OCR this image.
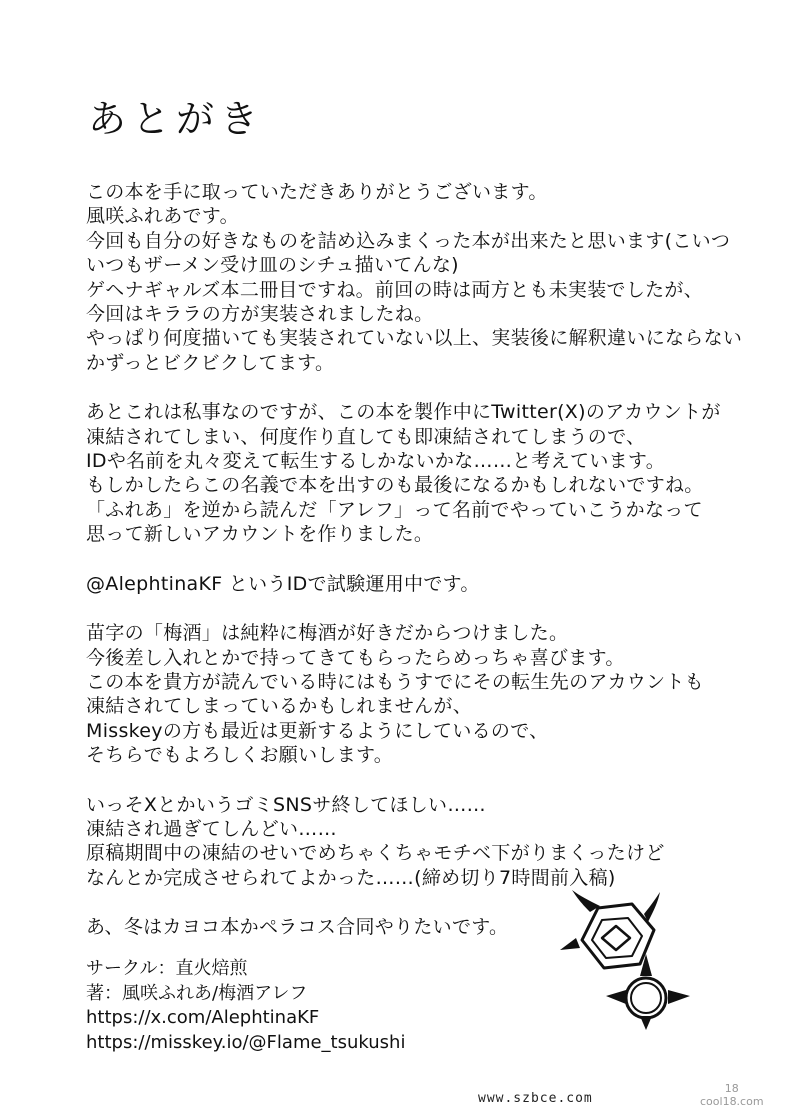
あとがき
この本を手に取っていただきありがとうございます。
風咲ふれあです。
今回も自分の好きなものを詰め込みまくった本が出来たと思います(こいつ
いつもザーメン受け皿のシチュ描いてんな)
ゲヘナギャルズ本二冊目ですね。前回の時は両方とも未実装でしたが、
今回はキララの方が実装されましたね。
やっぱり何度描いても実装されていない以上、実装後に解釈違いにならない
かずっとビクビクしてます。
あとこれは私事なのですが、この本を製作中にTwitter(X)のアカウントが
凍結されてしまい、何度作り直しても即凍結されてしまうので、
IDや名前を丸々変えて転生するしかないかな……と考えています。
もしかしたらこの名義で本を出すのも最後になるかもしれないですね。
「ふれあ」を逆から読んだ「アレフ」って名前でやっていこうかなって
思って新しいアカウントを作りました。
@AlephtinaKF というIDで試験運用中です。
苗字の「梅酒」は純粋に梅酒が好きだからつけました。
今後差し入れとかで持ってきてもらったらめっちゃ喜びます。
この本を貴方が読んでいる時にはもうすでにその転生先のアカウントも
凍結されてしまっているかもしれませんが、
Misskeyの方も最近は更新するようにしているので、
そちらでもよろしくお願いします。
いっそXとかいうゴミSNSサ終してほしい……
凍結され過ぎてしんどい……
原稿期間中の凍結のせいでめちゃくちゃモチベ下がりまくったけど
なんとか完成させられてよかった……(締め切り7時間前入稿)
あ、冬はカヨコ本かペラコス合同やりたいです。
サークル：直火焙煎
著：風咲ふれあ/梅酒アレフ
https://x.com/AlephtinaKF
https://misskey.io/@Flame_tsukushi
www.szbce.com
18
cool18.com
